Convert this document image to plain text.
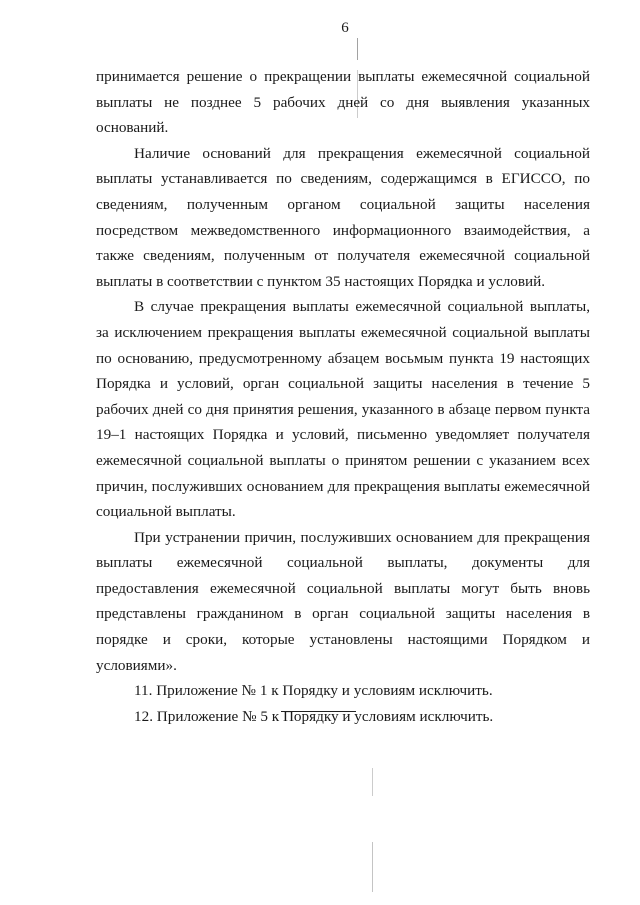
6

принимается решение о прекращении выплаты ежемесячной социальной выплаты не позднее 5 рабочих дней со дня выявления указанных оснований.

Наличие оснований для прекращения ежемесячной социальной выплаты устанавливается по сведениям, содержащимся в ЕГИССО, по сведениям, полученным органом социальной защиты населения посредством межведомственного информационного взаимодействия, а также сведениям, полученным от получателя ежемесячной социальной выплаты в соответствии с пунктом 35 настоящих Порядка и условий.

В случае прекращения выплаты ежемесячной социальной выплаты, за исключением прекращения выплаты ежемесячной социальной выплаты по основанию, предусмотренному абзацем восьмым пункта 19 настоящих Порядка и условий, орган социальной защиты населения в течение 5 рабочих дней со дня принятия решения, указанного в абзаце первом пункта 19–1 настоящих Порядка и условий, письменно уведомляет получателя ежемесячной социальной выплаты о принятом решении с указанием всех причин, послуживших основанием для прекращения выплаты ежемесячной социальной выплаты.

При устранении причин, послуживших основанием для прекращения выплаты ежемесячной социальной выплаты, документы для предоставления ежемесячной социальной выплаты могут быть вновь представлены гражданином в орган социальной защиты населения в порядке и сроки, которые установлены настоящими Порядком и условиями».

11. Приложение № 1 к Порядку и условиям исключить.

12. Приложение № 5 к Порядку и условиям исключить.
